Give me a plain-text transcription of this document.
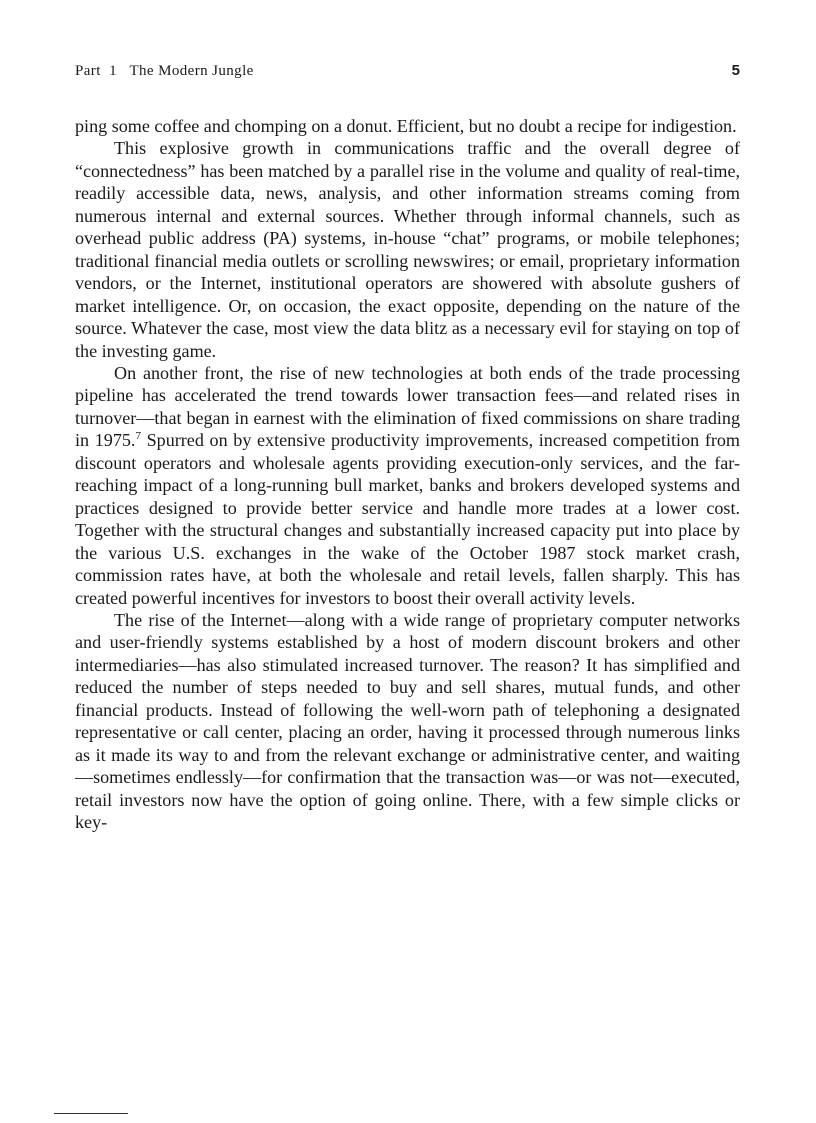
Part 1 The Modern Jungle	5

ping some coffee and chomping on a donut. Efficient, but no doubt a recipe for indigestion.

This explosive growth in communications traffic and the overall degree of “connectedness” has been matched by a parallel rise in the volume and quality of real-time, readily accessible data, news, analysis, and other information streams coming from numerous internal and external sources. Whether through informal channels, such as overhead public address (PA) systems, in-house “chat” programs, or mobile telephones; traditional financial media outlets or scrolling newswires; or email, proprietary information vendors, or the Internet, institutional operators are showered with absolute gushers of market intelligence. Or, on occasion, the exact opposite, depending on the nature of the source. Whatever the case, most view the data blitz as a necessary evil for staying on top of the investing game.

On another front, the rise of new technologies at both ends of the trade processing pipeline has accelerated the trend towards lower transaction fees—and related rises in turnover—that began in earnest with the elimination of fixed commissions on share trading in 1975.$^7$ Spurred on by extensive productivity improvements, increased competition from discount operators and wholesale agents providing execution-only services, and the far-reaching impact of a long-running bull market, banks and brokers developed systems and practices designed to provide better service and handle more trades at a lower cost. Together with the structural changes and substantially increased capacity put into place by the various U.S. exchanges in the wake of the October 1987 stock market crash, commission rates have, at both the wholesale and retail levels, fallen sharply. This has created powerful incentives for investors to boost their overall activity levels.

The rise of the Internet—along with a wide range of proprietary computer networks and user-friendly systems established by a host of modern discount brokers and other intermediaries—has also stimulated increased turnover. The reason? It has simplified and reduced the number of steps needed to buy and sell shares, mutual funds, and other financial products. Instead of following the well-worn path of telephoning a designated representative or call center, placing an order, having it processed through numerous links as it made its way to and from the relevant exchange or administrative center, and waiting—sometimes endlessly—for confirmation that the transaction was—or was not—executed, retail investors now have the option of going online. There, with a few simple clicks or key-
